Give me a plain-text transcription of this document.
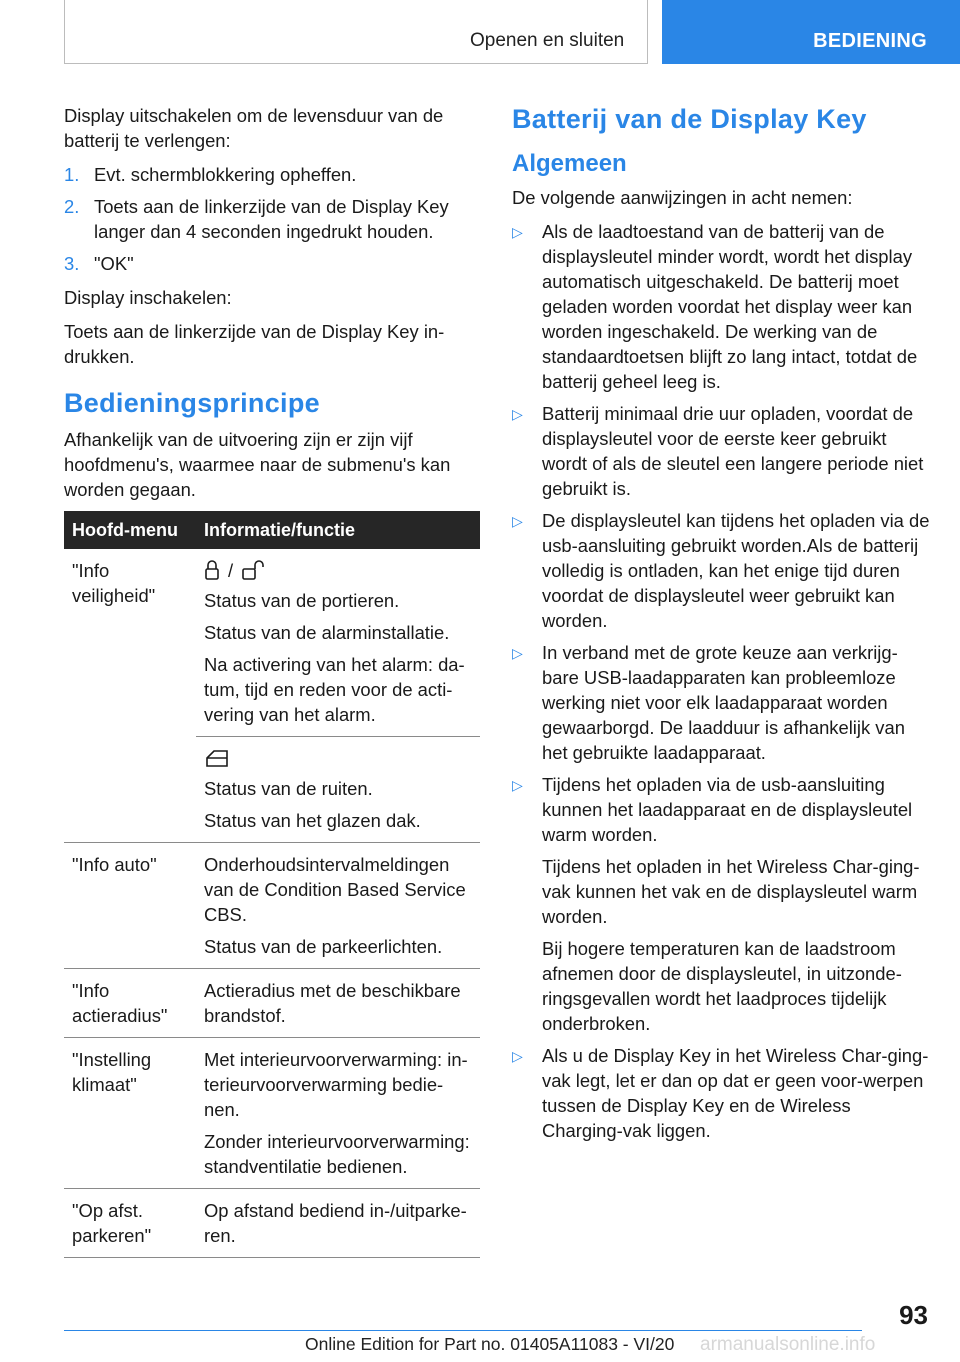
Openen en sluiten	BEDIENING

Display uitschakelen om de levensduur van de batterij te verlengen:

1. Evt. schermblokkering opheffen.
2. Toets aan de linkerzijde van de Display Key langer dan 4 seconden ingedrukt houden.
3. "OK"

Display inschakelen:

Toets aan de linkerzijde van de Display Key in-drukken.

Bedieningsprincipe

Afhankelijk van de uitvoering zijn er zijn vijf hoofdmenu's, waarmee naar de submenu's kan worden gegaan.

Hoofd-menu	Informatie/functie
"Info veiligheid"	/
Status van de portieren.
Status van de alarminstallatie.
Na activering van het alarm: da-tum, tijd en reden voor de acti-vering van het alarm.

	Status van de ruiten.
Status van het glazen dak.

"Info auto"	Onderhoudsintervalmeldingen van de Condition Based Service CBS.
Status van de parkeerlichten.

"Info actieradius"	Actieradius met de beschikbare brandstof.

"Instelling klimaat"	Met interieurvoorverwarming: in-terieurvoorverwarming bedie-nen.
Zonder interieurvoorverwarming: standventilatie bedienen.

"Op afst. parkeren"	Op afstand bediend in-/uitparke-ren.
Batterij van de Display Key
Algemeen

De volgende aanwijzingen in acht nemen:

▷ Als de laadtoestand van de batterij van de displaysleutel minder wordt, wordt het display automatisch uitgeschakeld. De batterij moet geladen worden voordat het display weer kan worden ingeschakeld. De werking van de standaardtoetsen blijft zo lang intact, totdat de batterij geheel leeg is.
▷ Batterij minimaal drie uur opladen, voordat de displaysleutel voor de eerste keer gebruikt wordt of als de sleutel een langere periode niet gebruikt is.
▷ De displaysleutel kan tijdens het opladen via de usb-aansluiting gebruikt worden.Als de batterij volledig is ontladen, kan het enige tijd duren voordat de displaysleutel weer gebruikt kan worden.
▷ In verband met de grote keuze aan verkrijg-bare USB-laadapparaten kan probleemloze werking niet voor elk laadapparaat worden gewaarborgd. De laadduur is afhankelijk van het gebruikte laadapparaat.
▷ Tijdens het opladen via de usb-aansluiting kunnen het laadapparaat en de displaysleutel warm worden.
Tijdens het opladen in het Wireless Char-ging-vak kunnen het vak en de displaysleutel warm worden.
Bij hogere temperaturen kan de laadstroom afnemen door de displaysleutel, in uitzonde-ringsgevallen wordt het laadproces tijdelijk onderbroken.
▷ Als u de Display Key in het Wireless Char-ging-vak legt, let er dan op dat er geen voor-werpen tussen de Display Key en de Wireless Charging-vak liggen.
93
Online Edition for Part no. 01405A11083 - VI/20 armanualsonline.info
